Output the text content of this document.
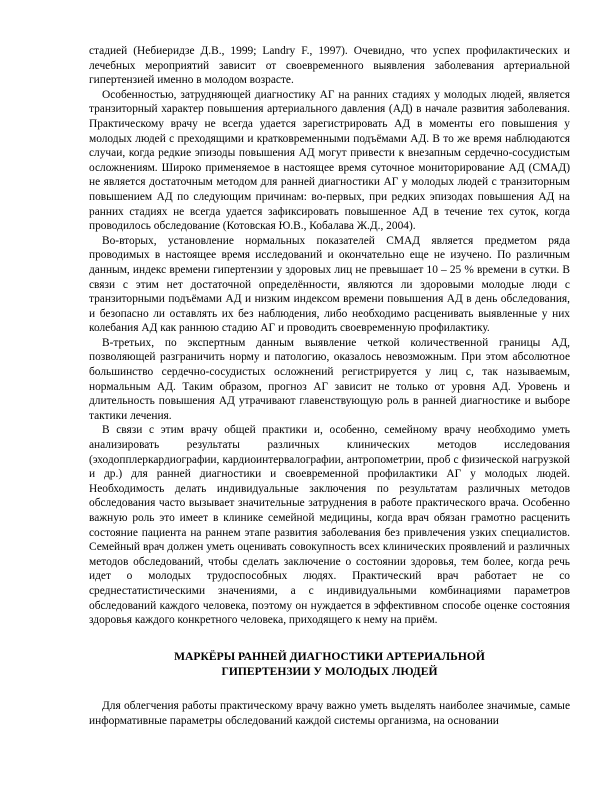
стадией (Небиеридзе Д.В., 1999; Landry F., 1997). Очевидно, что успех профилактических и лечебных мероприятий зависит от своевременного выявления заболевания артериальной гипертензией именно в молодом возрасте.

Особенностью, затрудняющей диагностику АГ на ранних стадиях у молодых людей, является транзиторный характер повышения артериального давления (АД) в начале развития заболевания. Практическому врачу не всегда удается зарегистрировать АД в моменты его повышения у молодых людей с преходящими и кратковременными подъёмами АД. В то же время наблюдаются случаи, когда редкие эпизоды повышения АД могут привести к внезапным сердечно-сосудистым осложнениям. Широко применяемое в настоящее время суточное мониторирование АД (СМАД) не является достаточным методом для ранней диагностики АГ у молодых людей с транзиторным повышением АД по следующим причинам: во-первых, при редких эпизодах повышения АД на ранних стадиях не всегда удается зафиксировать повышенное АД в течение тех суток, когда проводилось обследование (Котовская Ю.В., Кобалава Ж.Д., 2004).

Во-вторых, установление нормальных показателей СМАД является предметом ряда проводимых в настоящее время исследований и окончательно еще не изучено. По различным данным, индекс времени гипертензии у здоровых лиц не превышает 10 – 25 % времени в сутки. В связи с этим нет достаточной определённости, являются ли здоровыми молодые люди с транзиторными подъёмами АД и низким индексом времени повышения АД в день обследования, и безопасно ли оставлять их без наблюдения, либо необходимо расценивать выявленные у них колебания АД как раннюю стадию АГ и проводить своевременную профилактику.

В-третьих, по экспертным данным выявление четкой количественной границы АД, позволяющей разграничить норму и патологию, оказалось невозможным. При этом абсолютное большинство сердечно-сосудистых осложнений регистрируется у лиц с, так называемым, нормальным АД. Таким образом, прогноз АГ зависит не только от уровня АД. Уровень и длительность повышения АД утрачивают главенствующую роль в ранней диагностике и выборе тактики лечения.

В связи с этим врачу общей практики и, особенно, семейному врачу необходимо уметь анализировать результаты различных клинических методов исследования (эходопплеркардиографии, кардиоинтервалографии, антропометрии, проб с физической нагрузкой и др.) для ранней диагностики и своевременной профилактики АГ у молодых людей. Необходимость делать индивидуальные заключения по результатам различных методов обследования часто вызывает значительные затруднения в работе практического врача. Особенно важную роль это имеет в клинике семейной медицины, когда врач обязан грамотно расценить состояние пациента на раннем этапе развития заболевания без привлечения узких специалистов. Семейный врач должен уметь оценивать совокупность всех клинических проявлений и различных методов обследований, чтобы сделать заключение о состоянии здоровья, тем более, когда речь идет о молодых трудоспособных людях. Практический врач работает не со среднестатистическими значениями, а с индивидуальными комбинациями параметров обследований каждого человека, поэтому он нуждается в эффективном способе оценке состояния здоровья каждого конкретного человека, приходящего к нему на приём.

МАРКЁРЫ РАННЕЙ ДИАГНОСТИКИ АРТЕРИАЛЬНОЙ
ГИПЕРТЕНЗИИ У МОЛОДЫХ ЛЮДЕЙ

Для облегчения работы практическому врачу важно уметь выделять наиболее значимые, самые информативные параметры обследований каждой системы организма, на основании
